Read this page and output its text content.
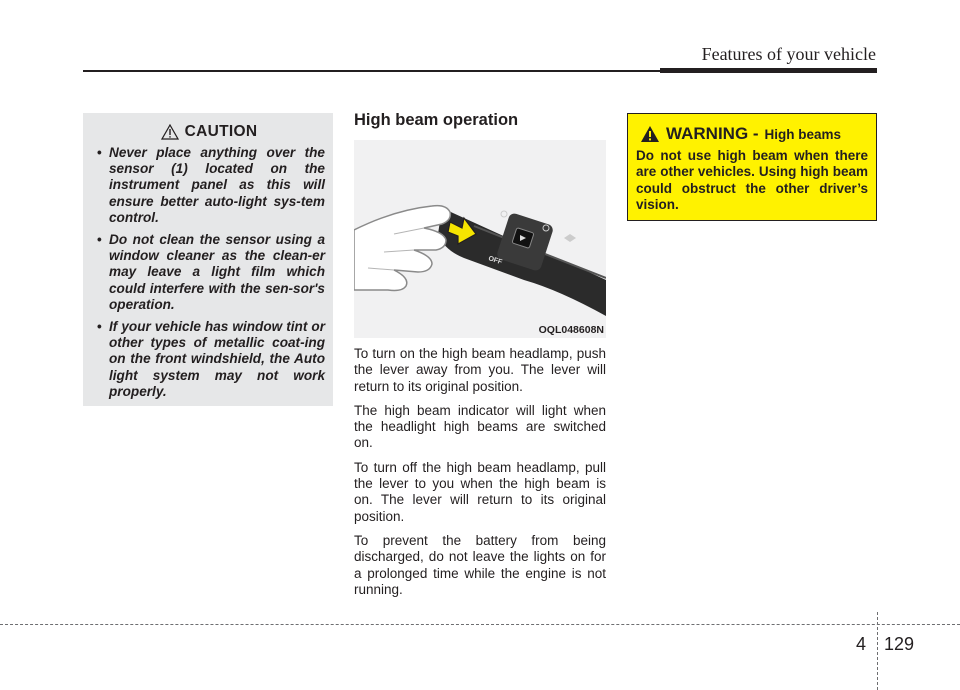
Features of your vehicle
CAUTION
• Never place anything over the sensor (1) located on the instrument panel as this will ensure better auto-light sys-tem control.
• Do not clean the sensor using a window cleaner as the clean-er may leave a light film which could interfere with the sen-sor's operation.
• If your vehicle has window tint or other types of metallic coat-ing on the front windshield, the Auto light system may not work properly.
High beam operation
OFF
OQL048608N

To turn on the high beam headlamp, push the lever away from you. The lever will return to its original position.

The high beam indicator will light when the headlight high beams are switched on.

To turn off the high beam headlamp, pull the lever to you when the high beam is on. The lever will return to its original position.

To prevent the battery from being discharged, do not leave the lights on for a prolonged time while the engine is not running.

WARNING - High beams
Do not use high beam when there are other vehicles. Using high beam could obstruct the other driver’s vision.
4 129
